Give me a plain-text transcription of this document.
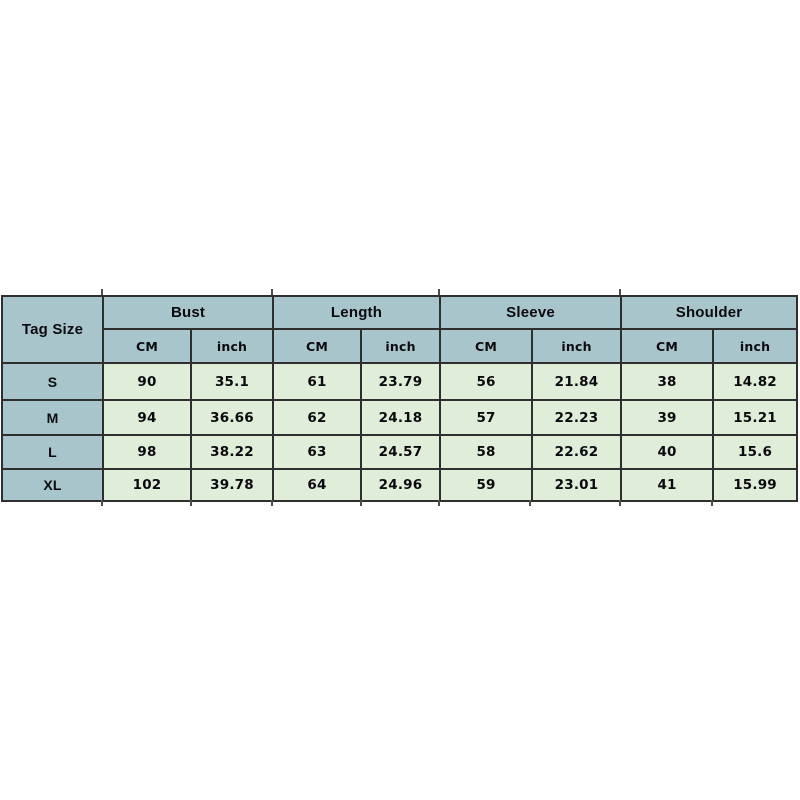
Tag Size	Bust		Length		Sleeve		Shoulder	
	CM	inch	CM	inch	CM	inch	CM	inch
S	90	35.1	61	23.79	56	21.84	38	14.82
M	94	36.66	62	24.18	57	22.23	39	15.21
L	98	38.22	63	24.57	58	22.62	40	15.6
XL	102	39.78	64	24.96	59	23.01	41	15.99
